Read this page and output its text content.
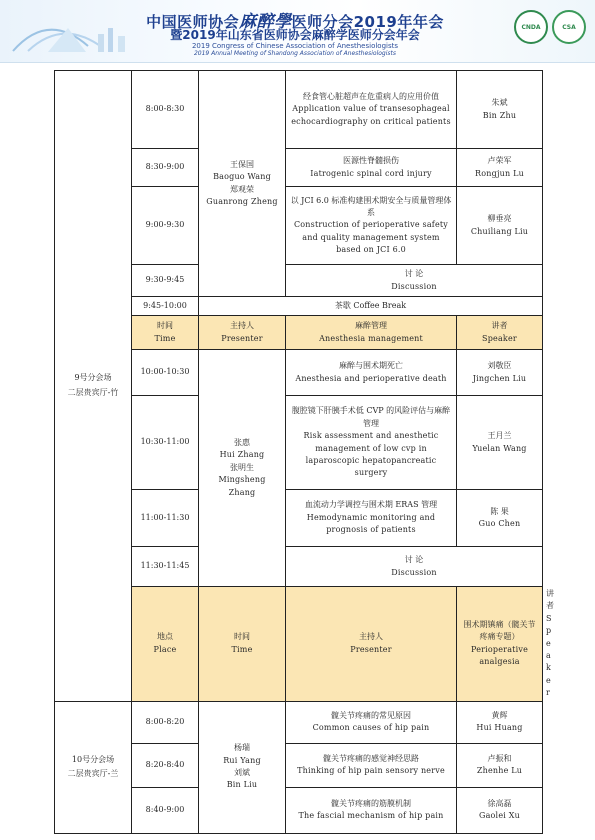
中国医师协会麻醉學医师分会2019年年会
暨2019年山东省医师协会麻醉学医师分会年会
2019 Congress of Chinese Association of Anesthesiologists
2019 Annual Meeting of Shandong Association of Anesthesiologists
CNDA	CSA
9号分会场
二层贵宾厅-竹	8:00-8:30	王保国
Baoguo Wang
郑观荣
Guanrong Zheng	经食管心脏超声在危重病人的应用价值
Application value of transesophageal echocardiography on critical patients	朱斌
Bin Zhu	

	8:30-9:00		医源性脊髓损伤
Iatrogenic spinal cord injury	卢荣军
Rongjun Lu	

	9:00-9:30		以 JCI 6.0 标准构建围术期安全与质量管理体系
Construction of perioperative safety and quality management system based on JCI 6.0	柳垂亮
Chuiliang Liu	

	9:30-9:45		讨 论
Discussion		

	9:45-10:00	茶歇 Coffee Break			

	时间
Time	主持人
Presenter	麻醉管理
Anesthesia management	讲者
Speaker	

	10:00-10:30	张惠
Hui Zhang
张明生
Mingsheng
Zhang	麻醉与围术期死亡
Anesthesia and perioperative death	刘敬臣
Jingchen Liu	

	10:30-11:00		腹腔镜下肝胰手术低 CVP 的风险评估与麻醉管理
Risk assessment and anesthetic management of low cvp in laparoscopic hepatopancreatic surgery	王月兰
Yuelan Wang	

	11:00-11:30		血流动力学调控与围术期 ERAS 管理
Hemodynamic monitoring and prognosis of patients	陈 果
Guo Chen	

	11:30-11:45		讨 论
Discussion		

	地点
Place	时间
Time	主持人
Presenter	围术期镇痛（髋关节疼痛专题）
Perioperative analgesia	讲者
Speaker

10号分会场
二层贵宾厅-兰	8:00-8:20	杨瑞
Rui Yang
刘斌
Bin Liu	髋关节疼痛的常见原因
Common causes of hip pain	黄辉
Hui Huang	

	8:20-8:40		髋关节疼痛的感觉神经思路
Thinking of hip pain sensory nerve	卢振和
Zhenhe Lu	

	8:40-9:00		髋关节疼痛的筋膜机制
The fascial mechanism of hip pain	徐高磊
Gaolei Xu	
